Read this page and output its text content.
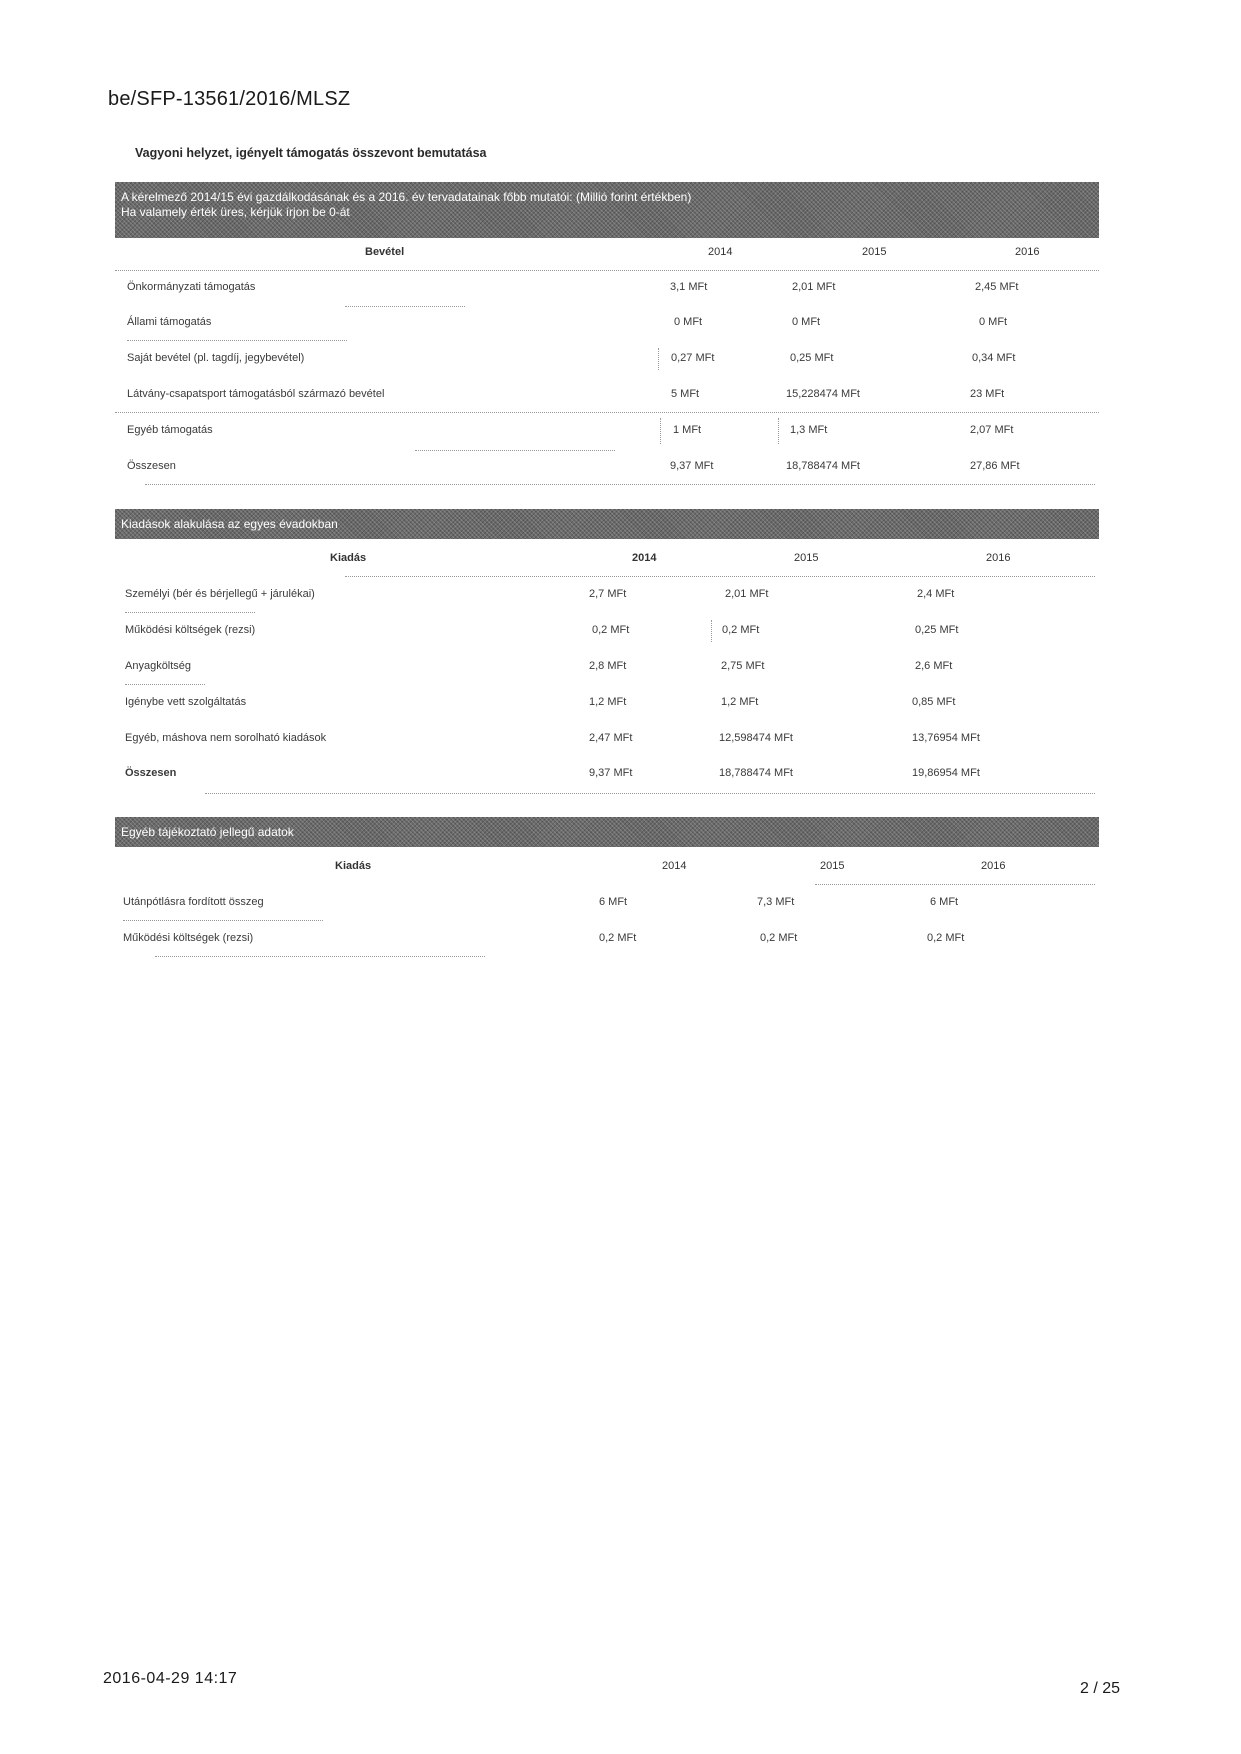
be/SFP-13561/2016/MLSZ
Vagyoni helyzet, igényelt támogatás összevont bemutatása
A kérelmező 2014/15 évi gazdálkodásának és a 2016. év tervadatainak főbb mutatói: (Millió forint értékben)
Ha valamely érték üres, kérjük írjon be 0-át
Bevétel	2014	2015	2016
Önkormányzati támogatás	3,1 MFt	2,01 MFt	2,45 MFt
Állami támogatás	0 MFt	0 MFt	0 MFt
Saját bevétel (pl. tagdíj, jegybevétel)	0,27 MFt	0,25 MFt	0,34 MFt
Látvány-csapatsport támogatásból származó bevétel	5 MFt	15,228474 MFt	23 MFt
Egyéb támogatás	1 MFt	1,3 MFt	2,07 MFt
Összesen	9,37 MFt	18,788474 MFt	27,86 MFt
Kiadások alakulása az egyes évadokban
Kiadás	2014	2015	2016
Személyi (bér és bérjellegű + járulékai)	2,7 MFt	2,01 MFt	2,4 MFt
Működési költségek (rezsi)	0,2 MFt	0,2 MFt	0,25 MFt
Anyagköltség	2,8 MFt	2,75 MFt	2,6 MFt
Igénybe vett szolgáltatás	1,2 MFt	1,2 MFt	0,85 MFt
Egyéb, máshova nem sorolható kiadások	2,47 MFt	12,598474 MFt	13,76954 MFt
Összesen	9,37 MFt	18,788474 MFt	19,86954 MFt
Egyéb tájékoztató jellegű adatok
Kiadás	2014	2015	2016
Utánpótlásra fordított összeg	6 MFt	7,3 MFt	6 MFt
Működési költségek (rezsi)	0,2 MFt	0,2 MFt	0,2 MFt
2016-04-29 14:17
2 / 25
